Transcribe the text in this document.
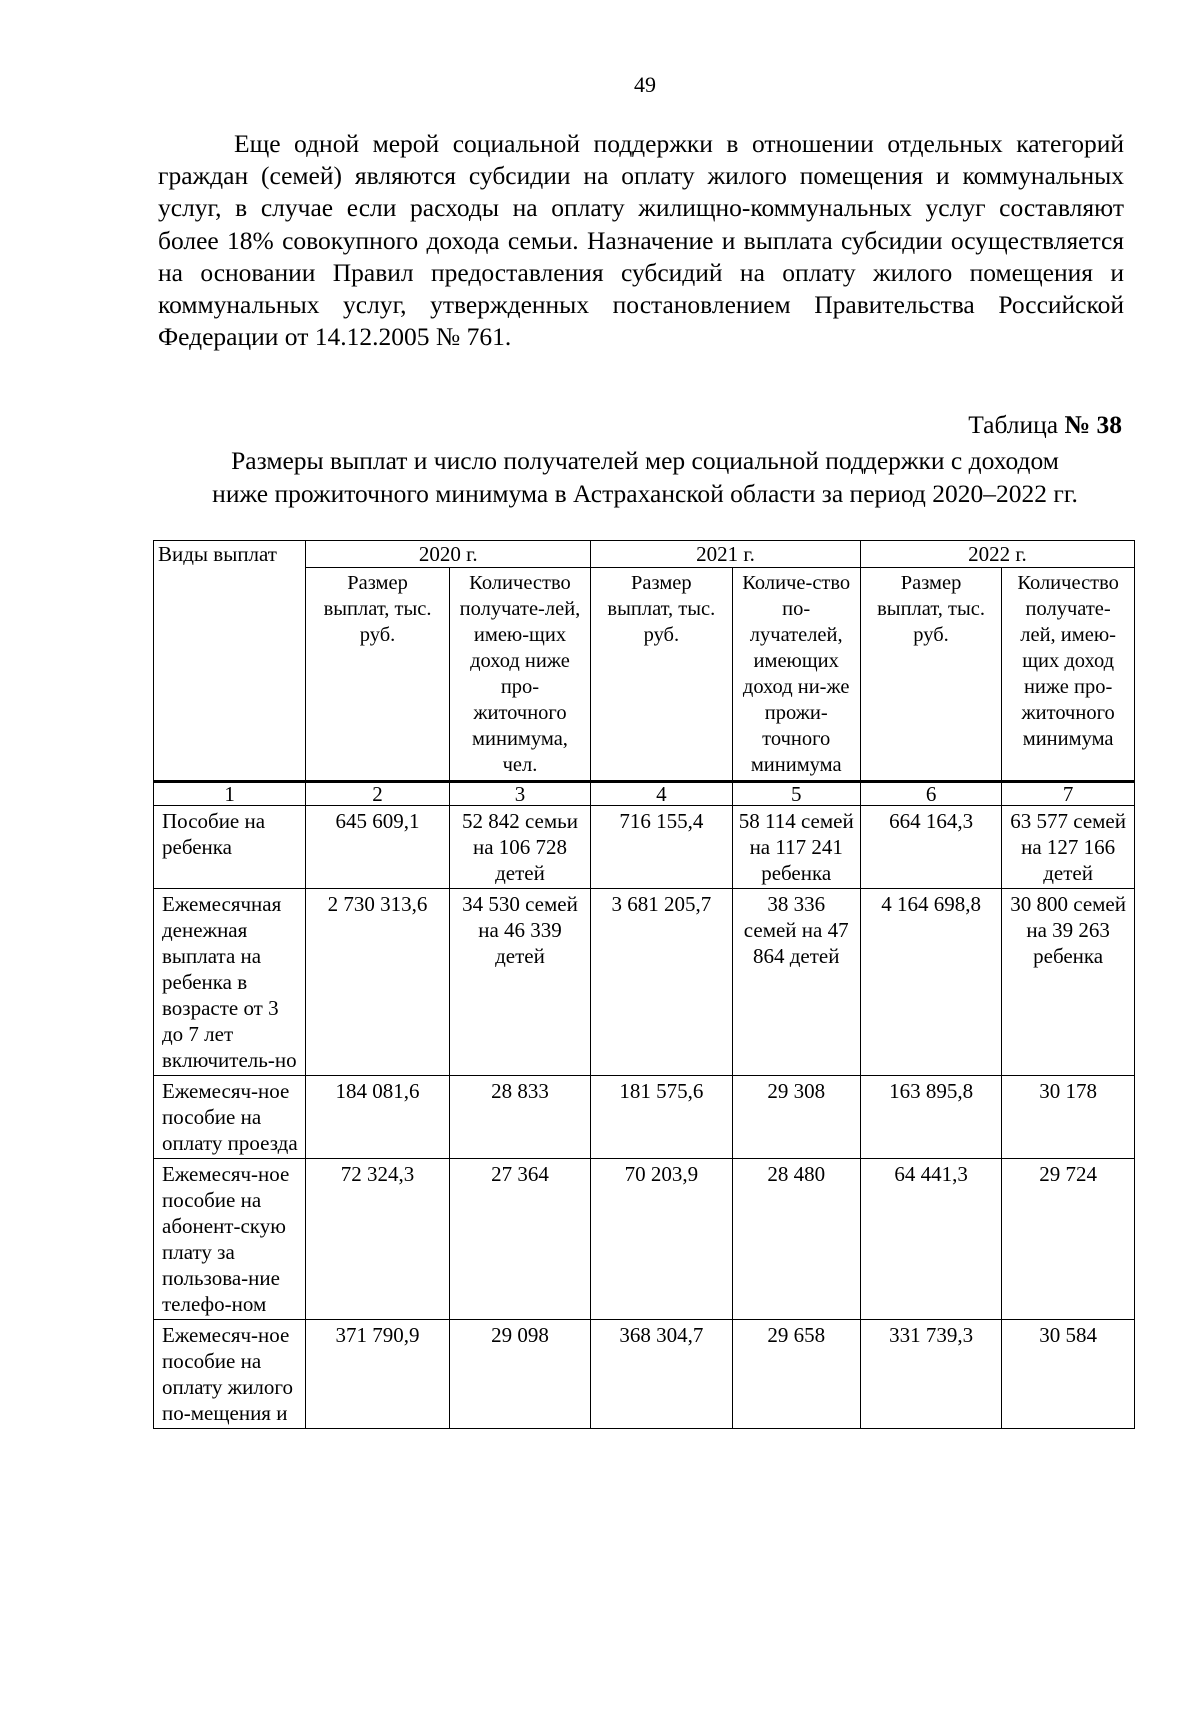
49

Еще одной мерой социальной поддержки в отношении отдельных категорий граждан (семей) являются субсидии на оплату жилого помещения и коммунальных услуг, в случае если расходы на оплату жилищно-коммунальных услуг составляют более 18% совокупного дохода семьи. Назначение и выплата субсидии осуществляется на основании Правил предоставления субсидий на оплату жилого помещения и коммунальных услуг, утвержденных постановлением Правительства Российской Федерации от 14.12.2005 № 761.

Таблица № 38
Размеры выплат и число получателей мер социальной поддержки с доходом
ниже прожиточного минимума в Астраханской области за период 2020–2022 гг.
Виды выплат	2020 г.		2021 г.		2022 г.	
	Размер выплат, тыс. руб.	Количество получате-лей, имею-щих доход ниже про-житочного минимума, чел.	Размер выплат, тыс. руб.	Количе-ство по-лучателей, имеющих доход ни-же прожи-точного минимума	Размер выплат, тыс. руб.	Количество получате-лей, имею-щих доход ниже про-житочного минимума
1	2	3	4	5	6	7
Пособие на ребенка	645 609,1	52 842 семьи на 106 728 детей	716 155,4	58 114 семей на 117 241 ребенка	664 164,3	63 577 семей на 127 166 детей
Ежемесячная денежная выплата на ребенка в возрасте от 3 до 7 лет включитель-но	2 730 313,6	34 530 семей на 46 339 детей	3 681 205,7	38 336 семей на 47 864 детей	4 164 698,8	30 800 семей на 39 263 ребенка
Ежемесяч-ное пособие на оплату проезда	184 081,6	28 833	181 575,6	29 308	163 895,8	30 178
Ежемесяч-ное пособие на абонент-скую плату за пользова-ние телефо-ном	72 324,3	27 364	70 203,9	28 480	64 441,3	29 724
Ежемесяч-ное пособие на оплату жилого по-мещения и	371 790,9	29 098	368 304,7	29 658	331 739,3	30 584
